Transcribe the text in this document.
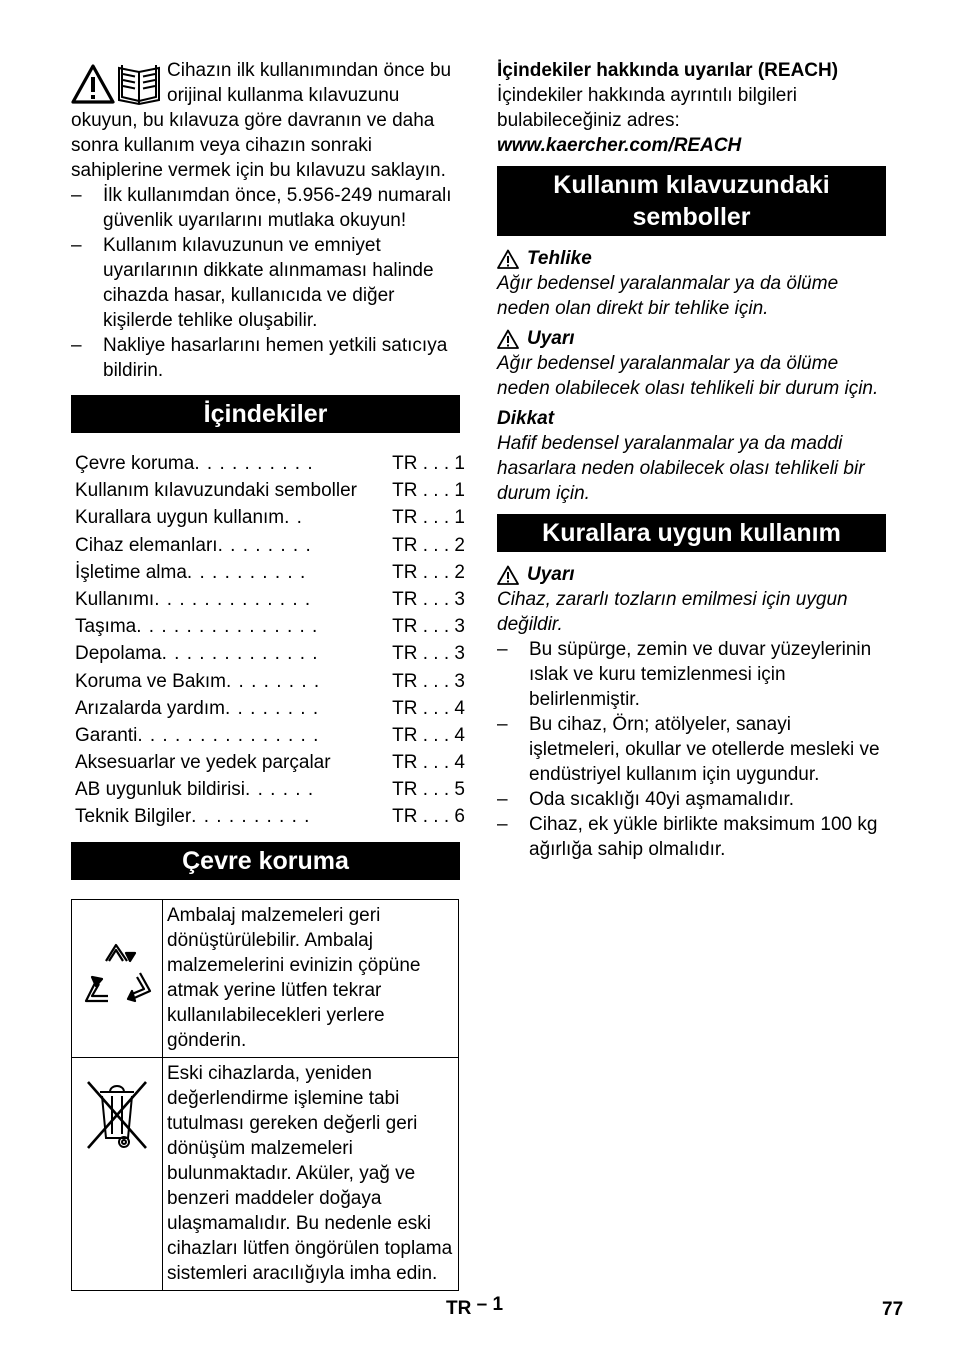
Cihazın ilk kullanımından önce bu orijinal kullanma kılavuzunu okuyun, bu kılavuza göre davranın ve daha sonra kullanım veya cihazın sonraki sahiplerine vermek için bu kılavuzu saklayın.

– İlk kullanımdan önce, 5.956-249 numaralı güvenlik uyarılarını mutlaka okuyun!
– Kullanım kılavuzunun ve emniyet uyarılarının dikkate alınmaması halinde cihazda hasar, kullanıcıda ve diğer kişilerde tehlike oluşabilir.
– Nakliye hasarlarını hemen yetkili satıcıya bildirin.
İçindekiler
Çevre koruma. . . . . . . . . .	TR . . . 1
Kullanım kılavuzundaki semboller	TR . . . 1
Kurallara uygun kullanım. .	TR . . . 1
Cihaz elemanları. . . . . . . .	TR . . . 2
İşletime alma. . . . . . . . . .	TR . . . 2
Kullanımı. . . . . . . . . . . . .	TR . . . 3
Taşıma. . . . . . . . . . . . . . .	TR . . . 3
Depolama. . . . . . . . . . . . .	TR . . . 3
Koruma ve Bakım. . . . . . . .	TR . . . 3
Arızalarda yardım. . . . . . . .	TR . . . 4
Garanti. . . . . . . . . . . . . . .	TR . . . 4
Aksesuarlar ve yedek parçalar	TR . . . 4
AB uygunluk bildirisi. . . . . .	TR . . . 5
Teknik Bilgiler. . . . . . . . . .	TR . . . 6
Çevre koruma
	Ambalaj malzemeleri geri dönüştürülebilir. Ambalaj malzemelerini evinizin çöpüne atmak yerine lütfen tekrar kullanılabilecekleri yerlere gönderin.
	Eski cihazlarda, yeniden değerlendirme işlemine tabi tutulması gereken değerli geri dönüşüm malzemeleri bulunmaktadır. Aküler, yağ ve benzeri maddeler doğaya ulaşmamalıdır. Bu nedenle eski cihazları lütfen öngörülen toplama sistemleri aracılığıyla imha edin.

İçindekiler hakkında uyarılar (REACH)

İçindekiler hakkında ayrıntılı bilgileri bulabileceğiniz adres:

www.kaercher.com/REACH

Kullanım kılavuzundaki semboller
Tehlike

Ağır bedensel yaralanmalar ya da ölüme neden olan direkt bir tehlike için.

Uyarı

Ağır bedensel yaralanmalar ya da ölüme neden olabilecek olası tehlikeli bir durum için.

Dikkat

Hafif bedensel yaralanmalar ya da maddi hasarlara neden olabilecek olası tehlikeli bir durum için.

Kurallara uygun kullanım
Uyarı

Cihaz, zararlı tozların emilmesi için uygun değildir.

– Bu süpürge, zemin ve duvar yüzeylerinin ıslak ve kuru temizlenmesi için belirlenmiştir.
– Bu cihaz, Örn; atölyeler, sanayi işletmeleri, okullar ve otellerde mesleki ve endüstriyel kullanım için uygundur.
– Oda sıcaklığı 40yi aşmamalıdır.
– Cihaz, ek yükle birlikte maksimum 100 kg ağırlığa sahip olmalıdır.
TR – 1	77
